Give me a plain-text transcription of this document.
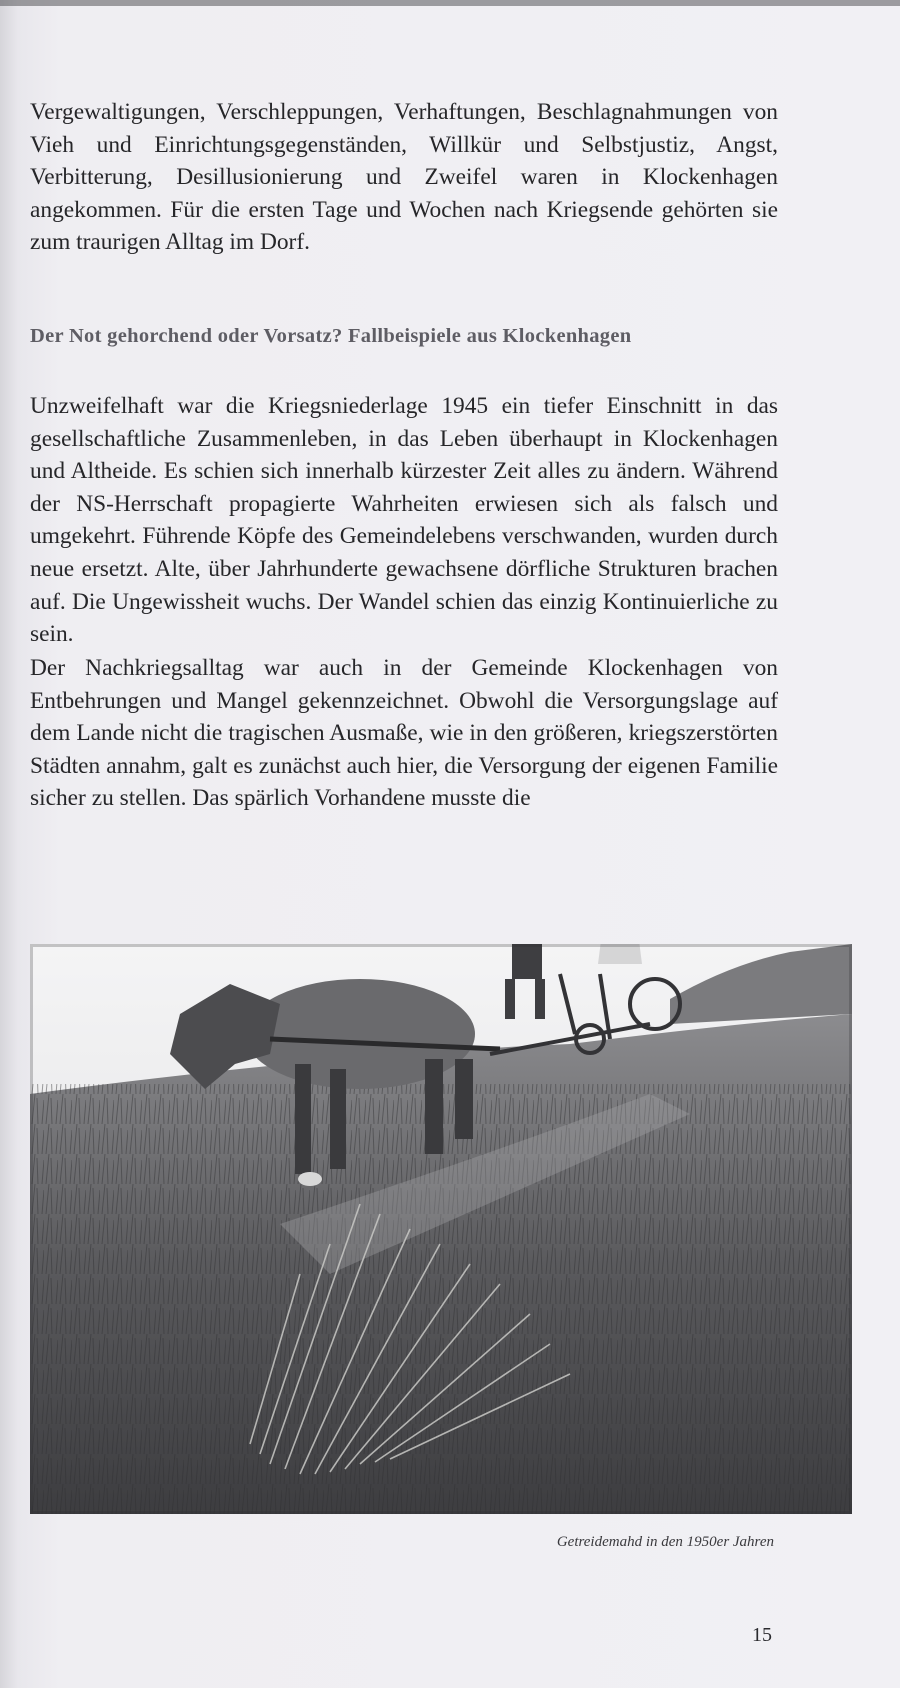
Vergewaltigungen, Verschleppungen, Verhaftungen, Beschlagnahmungen von Vieh und Einrichtungsgegenständen, Willkür und Selbstjustiz, Angst, Verbitterung, Desillusionierung und Zweifel waren in Klockenhagen angekommen. Für die ersten Tage und Wochen nach Kriegsende gehörten sie zum traurigen Alltag im Dorf.

Der Not gehorchend oder Vorsatz? Fallbeispiele aus Klockenhagen

Unzweifelhaft war die Kriegsniederlage 1945 ein tiefer Einschnitt in das gesellschaftliche Zusammenleben, in das Leben überhaupt in Klockenhagen und Altheide. Es schien sich innerhalb kürzester Zeit alles zu ändern. Während der NS-Herrschaft propagierte Wahrheiten erwiesen sich als falsch und umgekehrt. Führende Köpfe des Gemeindelebens verschwanden, wurden durch neue ersetzt. Alte, über Jahrhunderte gewachsene dörfliche Strukturen brachen auf. Die Ungewissheit wuchs. Der Wandel schien das einzig Kontinuierliche zu sein.

Der Nachkriegsalltag war auch in der Gemeinde Klockenhagen von Entbehrungen und Mangel gekennzeichnet. Obwohl die Versorgungslage auf dem Lande nicht die tragischen Ausmaße, wie in den größeren, kriegszerstörten Städten annahm, galt es zunächst auch hier, die Versorgung der eigenen Familie sicher zu stellen. Das spärlich Vorhandene musste die

Getreidemahd in den 1950er Jahren
15
